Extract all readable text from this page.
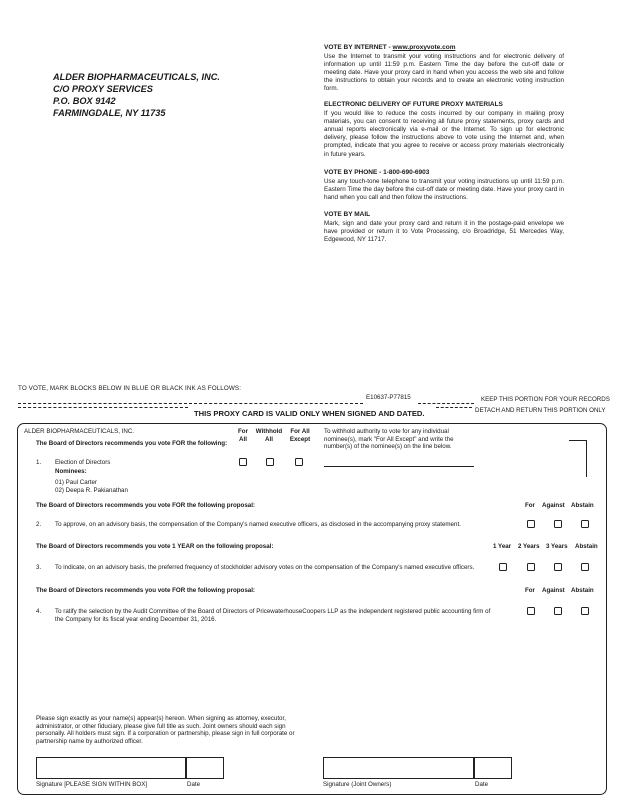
ALDER BIOPHARMACEUTICALS, INC.
C/O PROXY SERVICES
P.O. BOX 9142
FARMINGDALE, NY 11735
VOTE BY INTERNET - www.proxyvote.com

Use the Internet to transmit your voting instructions and for electronic delivery of information up until 11:59 p.m. Eastern Time the day before the cut-off date or meeting date. Have your proxy card in hand when you access the web site and follow the instructions to obtain your records and to create an electronic voting instruction form.

ELECTRONIC DELIVERY OF FUTURE PROXY MATERIALS

If you would like to reduce the costs incurred by our company in mailing proxy materials, you can consent to receiving all future proxy statements, proxy cards and annual reports electronically via e-mail or the Internet. To sign up for electronic delivery, please follow the instructions above to vote using the Internet and, when prompted, indicate that you agree to receive or access proxy materials electronically in future years.

VOTE BY PHONE - 1-800-690-6903

Use any touch-tone telephone to transmit your voting instructions up until 11:59 p.m. Eastern Time the day before the cut-off date or meeting date. Have your proxy card in hand when you call and then follow the instructions.

VOTE BY MAIL

Mark, sign and date your proxy card and return it in the postage-paid envelope we have provided or return it to Vote Processing, c/o Broadridge, 51 Mercedes Way, Edgewood, NY 11717.

TO VOTE, MARK BLOCKS BELOW IN BLUE OR BLACK INK AS FOLLOWS:
E10637-P77815	KEEP THIS PORTION FOR YOUR RECORDS
THIS PROXY CARD IS VALID ONLY WHEN SIGNED AND DATED.	DETACH AND RETURN THIS PORTION ONLY
ALDER BIOPHARMACEUTICALS, INC.
The Board of Directors recommends you vote FOR the following:
For
All
Withhold
All
For All
Except
To withhold authority to vote for any individual nominee(s), mark "For All Except" and write the number(s) of the nominee(s) on the line below.
1. Election of Directors
Nominees:
01) Paul Carter
02) Deepa R. Pakianathan
The Board of Directors recommends you vote FOR the following proposal:	For Against Abstain
2. To approve, on an advisory basis, the compensation of the Company's named executive officers, as disclosed in the accompanying proxy statement.
The Board of Directors recommends you vote 1 YEAR on the following proposal:	1 Year 2 Years 3 Years Abstain
3. To indicate, on an advisory basis, the preferred frequency of stockholder advisory votes on the compensation of the Company's named executive officers.
The Board of Directors recommends you vote FOR the following proposal:	For Against Abstain
4. To ratify the selection by the Audit Committee of the Board of Directors of PricewaterhouseCoopers LLP as the independent registered public accounting firm of the Company for its fiscal year ending December 31, 2016.
Please sign exactly as your name(s) appear(s) hereon. When signing as attorney, executor, administrator, or other fiduciary, please give full title as such. Joint owners should each sign personally. All holders must sign. If a corporation or partnership, please sign in full corporate or partnership name by authorized officer.
Signature [PLEASE SIGN WITHIN BOX]	Date	Signature (Joint Owners)	Date
